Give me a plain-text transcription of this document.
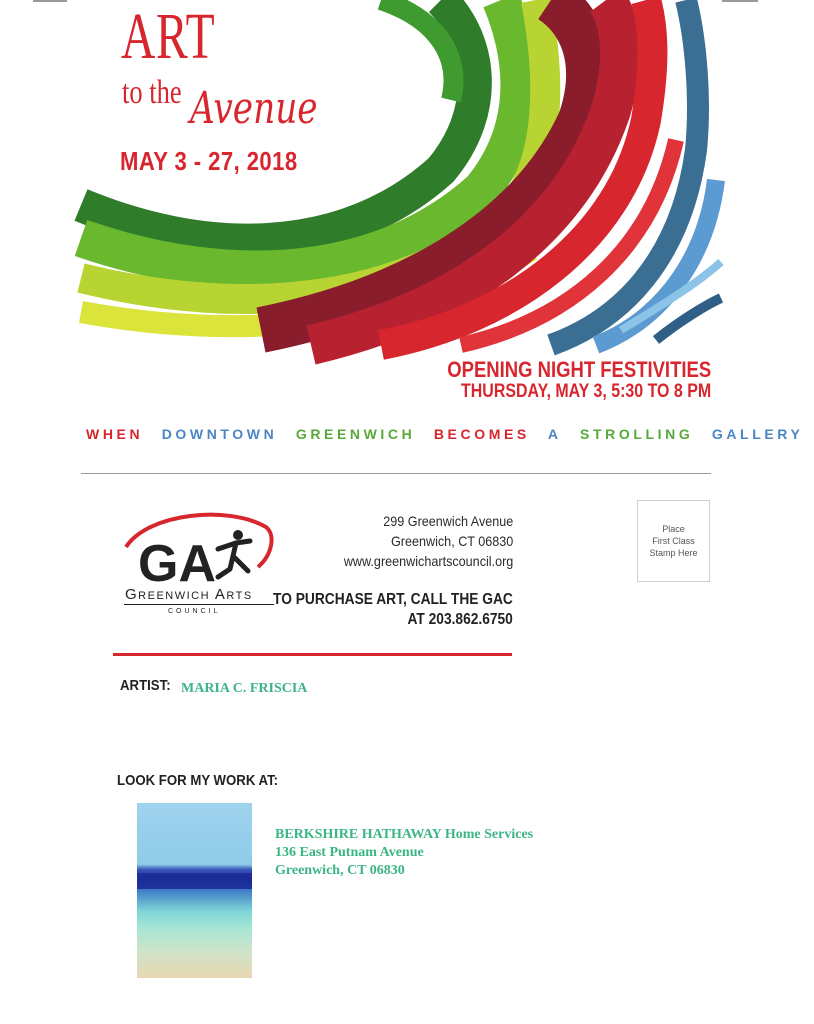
ART
to the Avenue
MAY 3 - 27, 2018
OPENING NIGHT FESTIVITIES
THURSDAY, MAY 3, 5:30 TO 8 PM
WHEN DOWNTOWN GREENWICH BECOMES A STROLLING GALLERY
GA
Greenwich Arts
COUNCIL
299 Greenwich Avenue
Greenwich, CT 06830
www.greenwichartscouncil.org
TO PURCHASE ART, CALL THE GAC
AT 203.862.6750
Place
First Class
Stamp Here
ARTIST: MARIA C. FRISCIA
LOOK FOR MY WORK AT:
BERKSHIRE HATHAWAY Home Services
136 East Putnam Avenue
Greenwich, CT 06830
